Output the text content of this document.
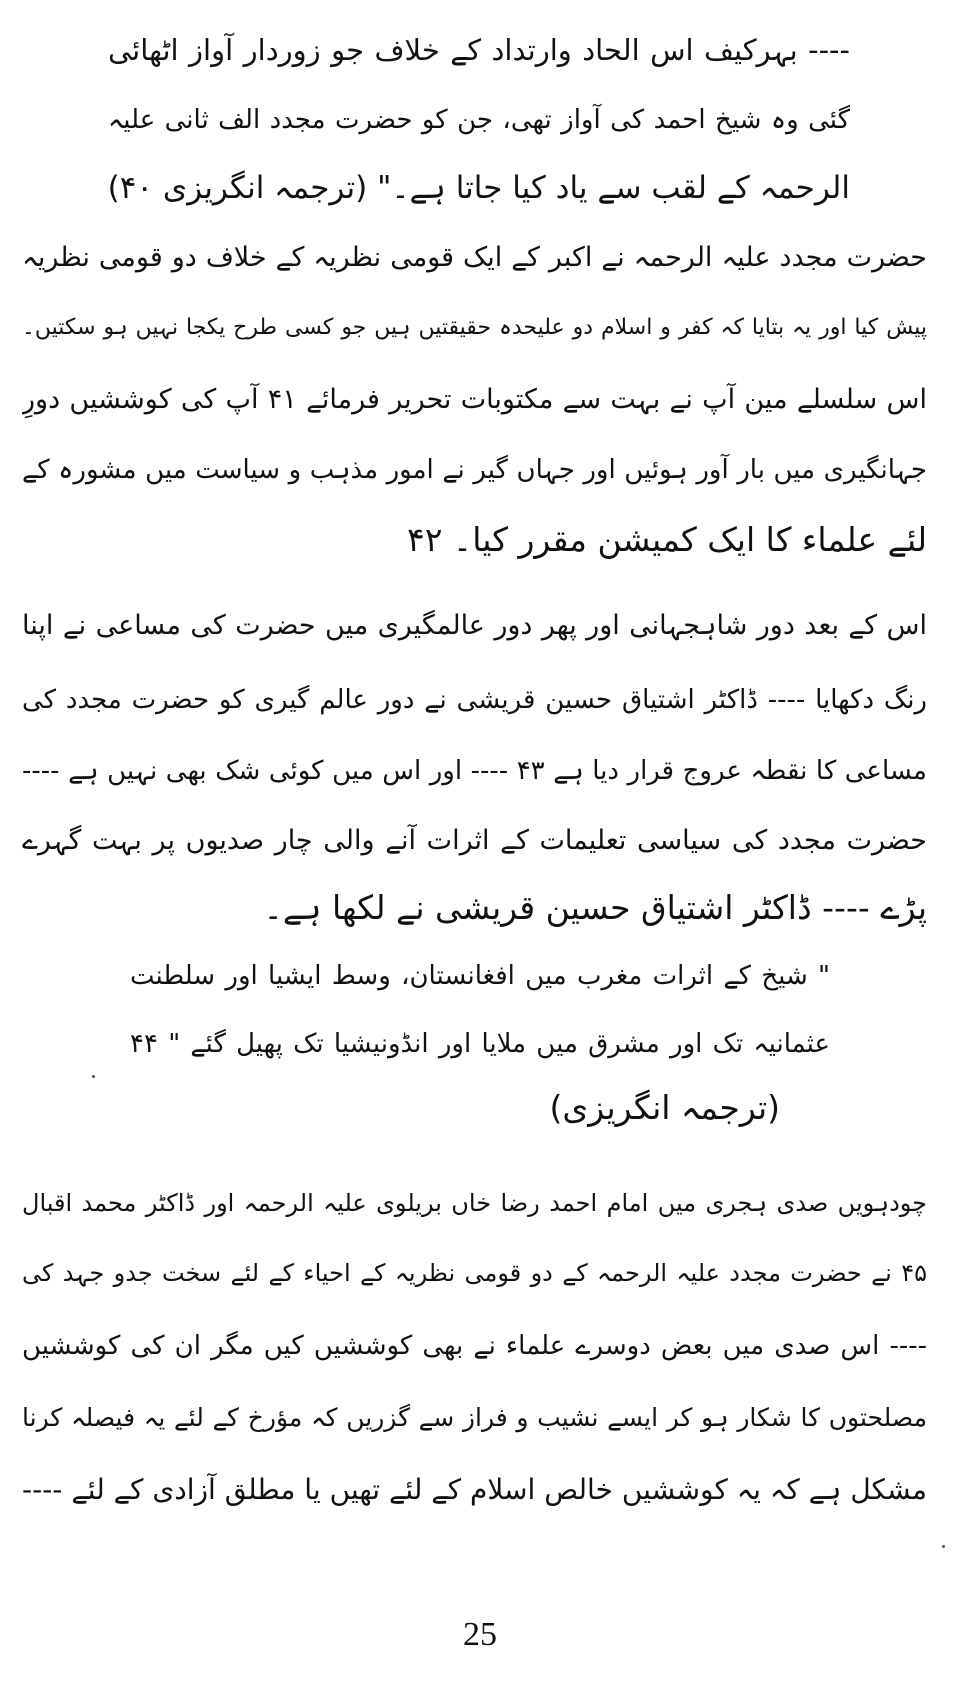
---- بہرکیف اس الحاد وارتداد کے خلاف جو زوردار آواز اٹھائی
گئی وہ شیخ احمد کی آواز تھی، جن کو حضرت مجدد الف ثانی علیہ
الرحمہ کے لقب سے یاد کیا جاتا ہے۔" (ترجمہ انگریزی ۴۰)
حضرت مجدد علیہ الرحمہ نے اکبر کے ایک قومی نظریہ کے خلاف دو قومی نظریہ
پیش کیا اور یہ بتایا کہ کفر و اسلام دو علیحدہ حقیقتیں ہیں جو کسی طرح یکجا نہیں ہو سکتیں۔
اس سلسلے مین آپ نے بہت سے مکتوبات تحریر فرمائے ۴۱ آپ کی کوششیں دورِ
جہانگیری میں بار آور ہوئیں اور جہاں گیر نے امور مذہب و سیاست میں مشورہ کے
لئے علماء کا ایک کمیشن مقرر کیا۔ ۴۲
اس کے بعد دور شاہجہانی اور پھر دور عالمگیری میں حضرت کی مساعی نے اپنا
رنگ دکھایا ---- ڈاکٹر اشتیاق حسین قریشی نے دور عالم گیری کو حضرت مجدد کی
مساعی کا نقطہ عروج قرار دیا ہے ۴۳ ---- اور اس میں کوئی شک بھی نہیں ہے ----
حضرت مجدد کی سیاسی تعلیمات کے اثرات آنے والی چار صدیوں پر بہت گہرے
پڑے ---- ڈاکٹر اشتیاق حسین قریشی نے لکھا ہے۔
" شیخ کے اثرات مغرب میں افغانستان، وسط ایشیا اور سلطنت
عثمانیہ تک اور مشرق میں ملایا اور انڈونیشیا تک پھیل گئے " ۴۴
(ترجمہ انگریزی)
چودہویں صدی ہجری میں امام احمد رضا خاں بریلوی علیہ الرحمہ اور ڈاکٹر محمد اقبال
۴۵ نے حضرت مجدد علیہ الرحمہ کے دو قومی نظریہ کے احیاء کے لئے سخت جدو جہد کی
---- اس صدی میں بعض دوسرے علماء نے بھی کوششیں کیں مگر ان کی کوششیں
مصلحتوں کا شکار ہو کر ایسے نشیب و فراز سے گزریں کہ مؤرخ کے لئے یہ فیصلہ کرنا
مشکل ہے کہ یہ کوششیں خالص اسلام کے لئے تھیں یا مطلق آزادی کے لئے ----
25
